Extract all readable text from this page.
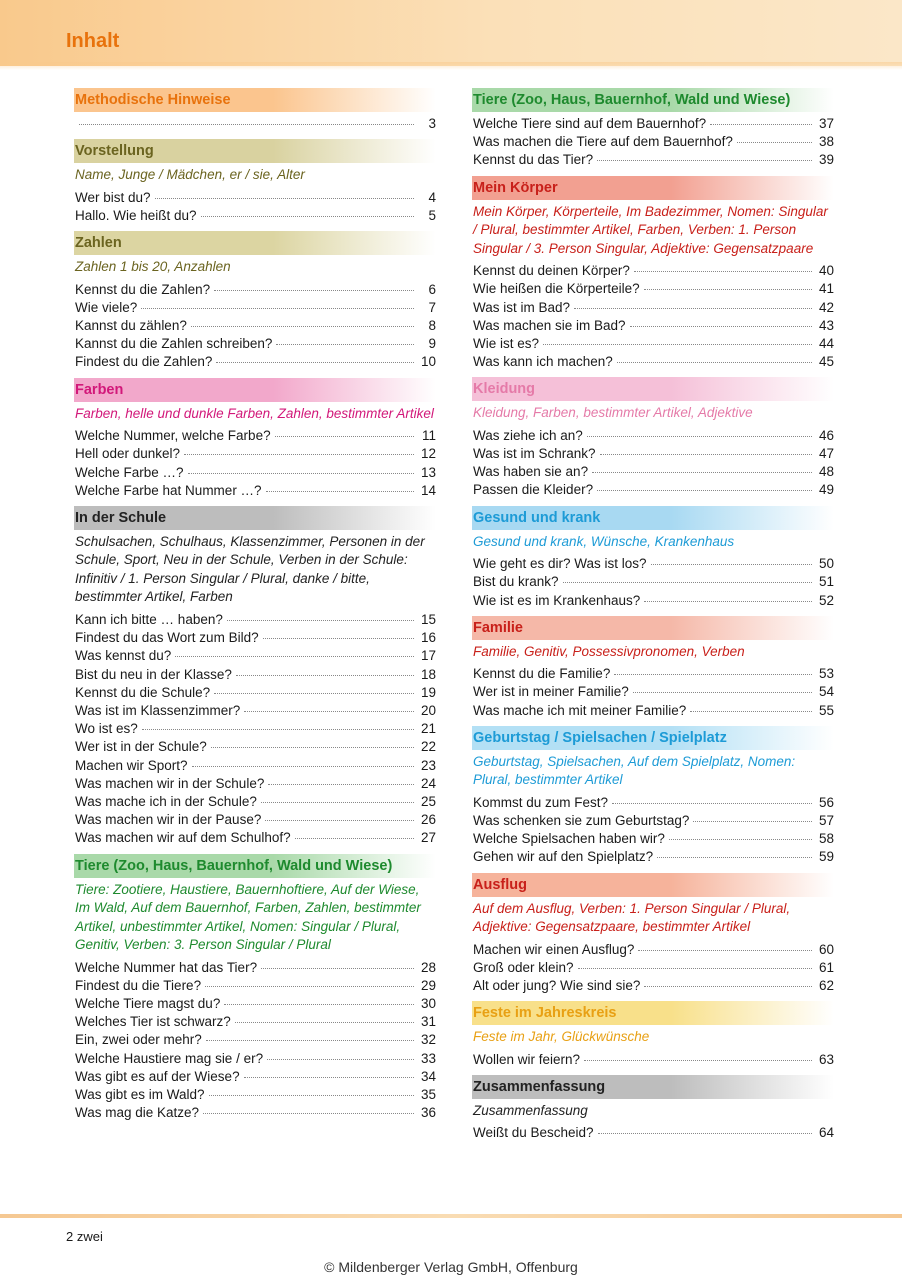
Inhalt
Methodische Hinweise
3
Vorstellung
Name, Junge / Mädchen, er / sie, Alter
Wer bist du?	4
Hallo. Wie heißt du?	5
Zahlen
Zahlen 1 bis 20, Anzahlen
Kennst du die Zahlen?	6
Wie viele?	7
Kannst du zählen?	8
Kannst du die Zahlen schreiben?	9
Findest du die Zahlen?	10
Farben
Farben, helle und dunkle Farben, Zahlen, bestimmter Artikel
Welche Nummer, welche Farbe?	11
Hell oder dunkel?	12
Welche Farbe …?	13
Welche Farbe hat Nummer …?	14
In der Schule
Schulsachen, Schulhaus, Klassenzimmer, Personen in der Schule, Sport, Neu in der Schule, Verben in der Schule: Infinitiv / 1. Person Singular / Plural, danke / bitte, bestimmter Artikel, Farben
Kann ich bitte … haben?	15
Findest du das Wort zum Bild?	16
Was kennst du?	17
Bist du neu in der Klasse?	18
Kennst du die Schule?	19
Was ist im Klassenzimmer?	20
Wo ist es?	21
Wer ist in der Schule?	22
Machen wir Sport?	23
Was machen wir in der Schule?	24
Was mache ich in der Schule?	25
Was machen wir in der Pause?	26
Was machen wir auf dem Schulhof?	27
Tiere (Zoo, Haus, Bauernhof, Wald und Wiese)
Tiere: Zootiere, Haustiere, Bauernhoftiere, Auf der Wiese, Im Wald, Auf dem Bauernhof, Farben, Zahlen, bestimmter Artikel, unbestimmter Artikel, Nomen: Singular / Plural, Genitiv, Verben: 3. Person Singular / Plural
Welche Nummer hat das Tier?	28
Findest du die Tiere?	29
Welche Tiere magst du?	30
Welches Tier ist schwarz?	31
Ein, zwei oder mehr?	32
Welche Haustiere mag sie / er?	33
Was gibt es auf der Wiese?	34
Was gibt es im Wald?	35
Was mag die Katze?	36
Tiere (Zoo, Haus, Bauernhof, Wald und Wiese)
Welche Tiere sind auf dem Bauernhof?	37
Was machen die Tiere auf dem Bauernhof?	38
Kennst du das Tier?	39
Mein Körper
Mein Körper, Körperteile, Im Badezimmer, Nomen: Singular / Plural, bestimmter Artikel, Farben, Verben: 1. Person Singular / 3. Person Singular, Adjektive: Gegensatzpaare
Kennst du deinen Körper?	40
Wie heißen die Körperteile?	41
Was ist im Bad?	42
Was machen sie im Bad?	43
Wie ist es?	44
Was kann ich machen?	45
Kleidung
Kleidung, Farben, bestimmter Artikel, Adjektive
Was ziehe ich an?	46
Was ist im Schrank?	47
Was haben sie an?	48
Passen die Kleider?	49
Gesund und krank
Gesund und krank, Wünsche, Krankenhaus
Wie geht es dir? Was ist los?	50
Bist du krank?	51
Wie ist es im Krankenhaus?	52
Familie
Familie, Genitiv, Possessivpronomen, Verben
Kennst du die Familie?	53
Wer ist in meiner Familie?	54
Was mache ich mit meiner Familie?	55
Geburtstag / Spielsachen / Spielplatz
Geburtstag, Spielsachen, Auf dem Spielplatz, Nomen: Plural, bestimmter Artikel
Kommst du zum Fest?	56
Was schenken sie zum Geburtstag?	57
Welche Spielsachen haben wir?	58
Gehen wir auf den Spielplatz?	59
Ausflug
Auf dem Ausflug, Verben: 1. Person Singular / Plural, Adjektive: Gegensatzpaare, bestimmter Artikel
Machen wir einen Ausflug?	60
Groß oder klein?	61
Alt oder jung? Wie sind sie?	62
Feste im Jahreskreis
Feste im Jahr, Glückwünsche
Wollen wir feiern?	63
Zusammenfassung
Zusammenfassung
Weißt du Bescheid?	64
2 zwei
© Mildenberger Verlag GmbH, Offenburg
